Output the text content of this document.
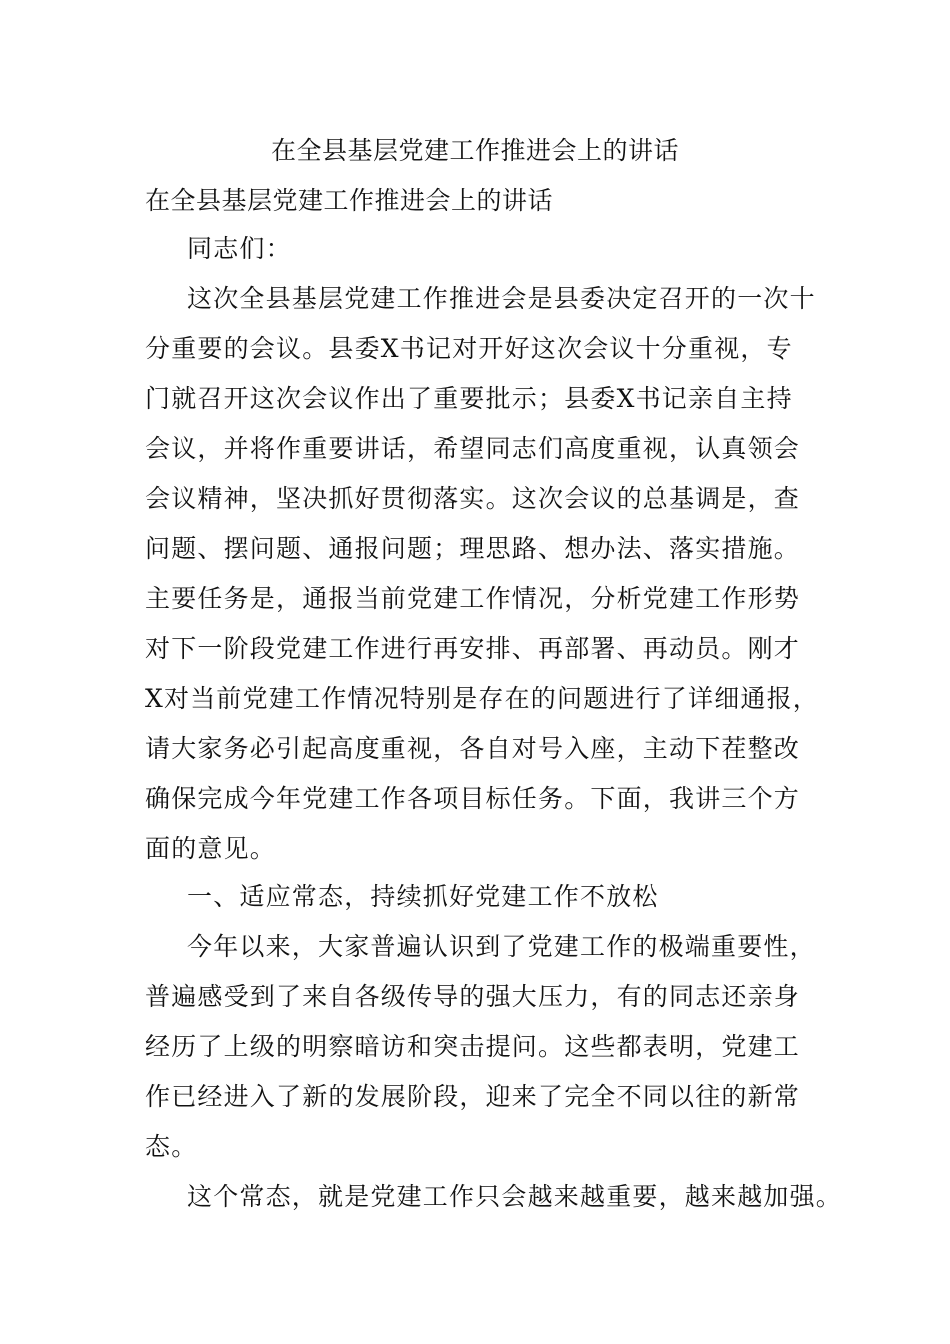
在全县基层党建工作推进会上的讲话
在全县基层党建工作推进会上的讲话
同志们：
这次全县基层党建工作推进会是县委决定召开的一次十
分重要的会议。县委X书记对开好这次会议十分重视，专
门就召开这次会议作出了重要批示；县委X书记亲自主持
会议，并将作重要讲话，希望同志们高度重视，认真领会
会议精神，坚决抓好贯彻落实。这次会议的总基调是，查
问题、摆问题、通报问题；理思路、想办法、落实措施。
主要任务是，通报当前党建工作情况，分析党建工作形势
对下一阶段党建工作进行再安排、再部署、再动员。刚才
X对当前党建工作情况特别是存在的问题进行了详细通报，
请大家务必引起高度重视，各自对号入座，主动下茬整改
确保完成今年党建工作各项目标任务。下面，我讲三个方
面的意见。
一、适应常态，持续抓好党建工作不放松
今年以来，大家普遍认识到了党建工作的极端重要性，
普遍感受到了来自各级传导的强大压力，有的同志还亲身
经历了上级的明察暗访和突击提问。这些都表明，党建工
作已经进入了新的发展阶段，迎来了完全不同以往的新常
态。
这个常态，就是党建工作只会越来越重要，越来越加强。
